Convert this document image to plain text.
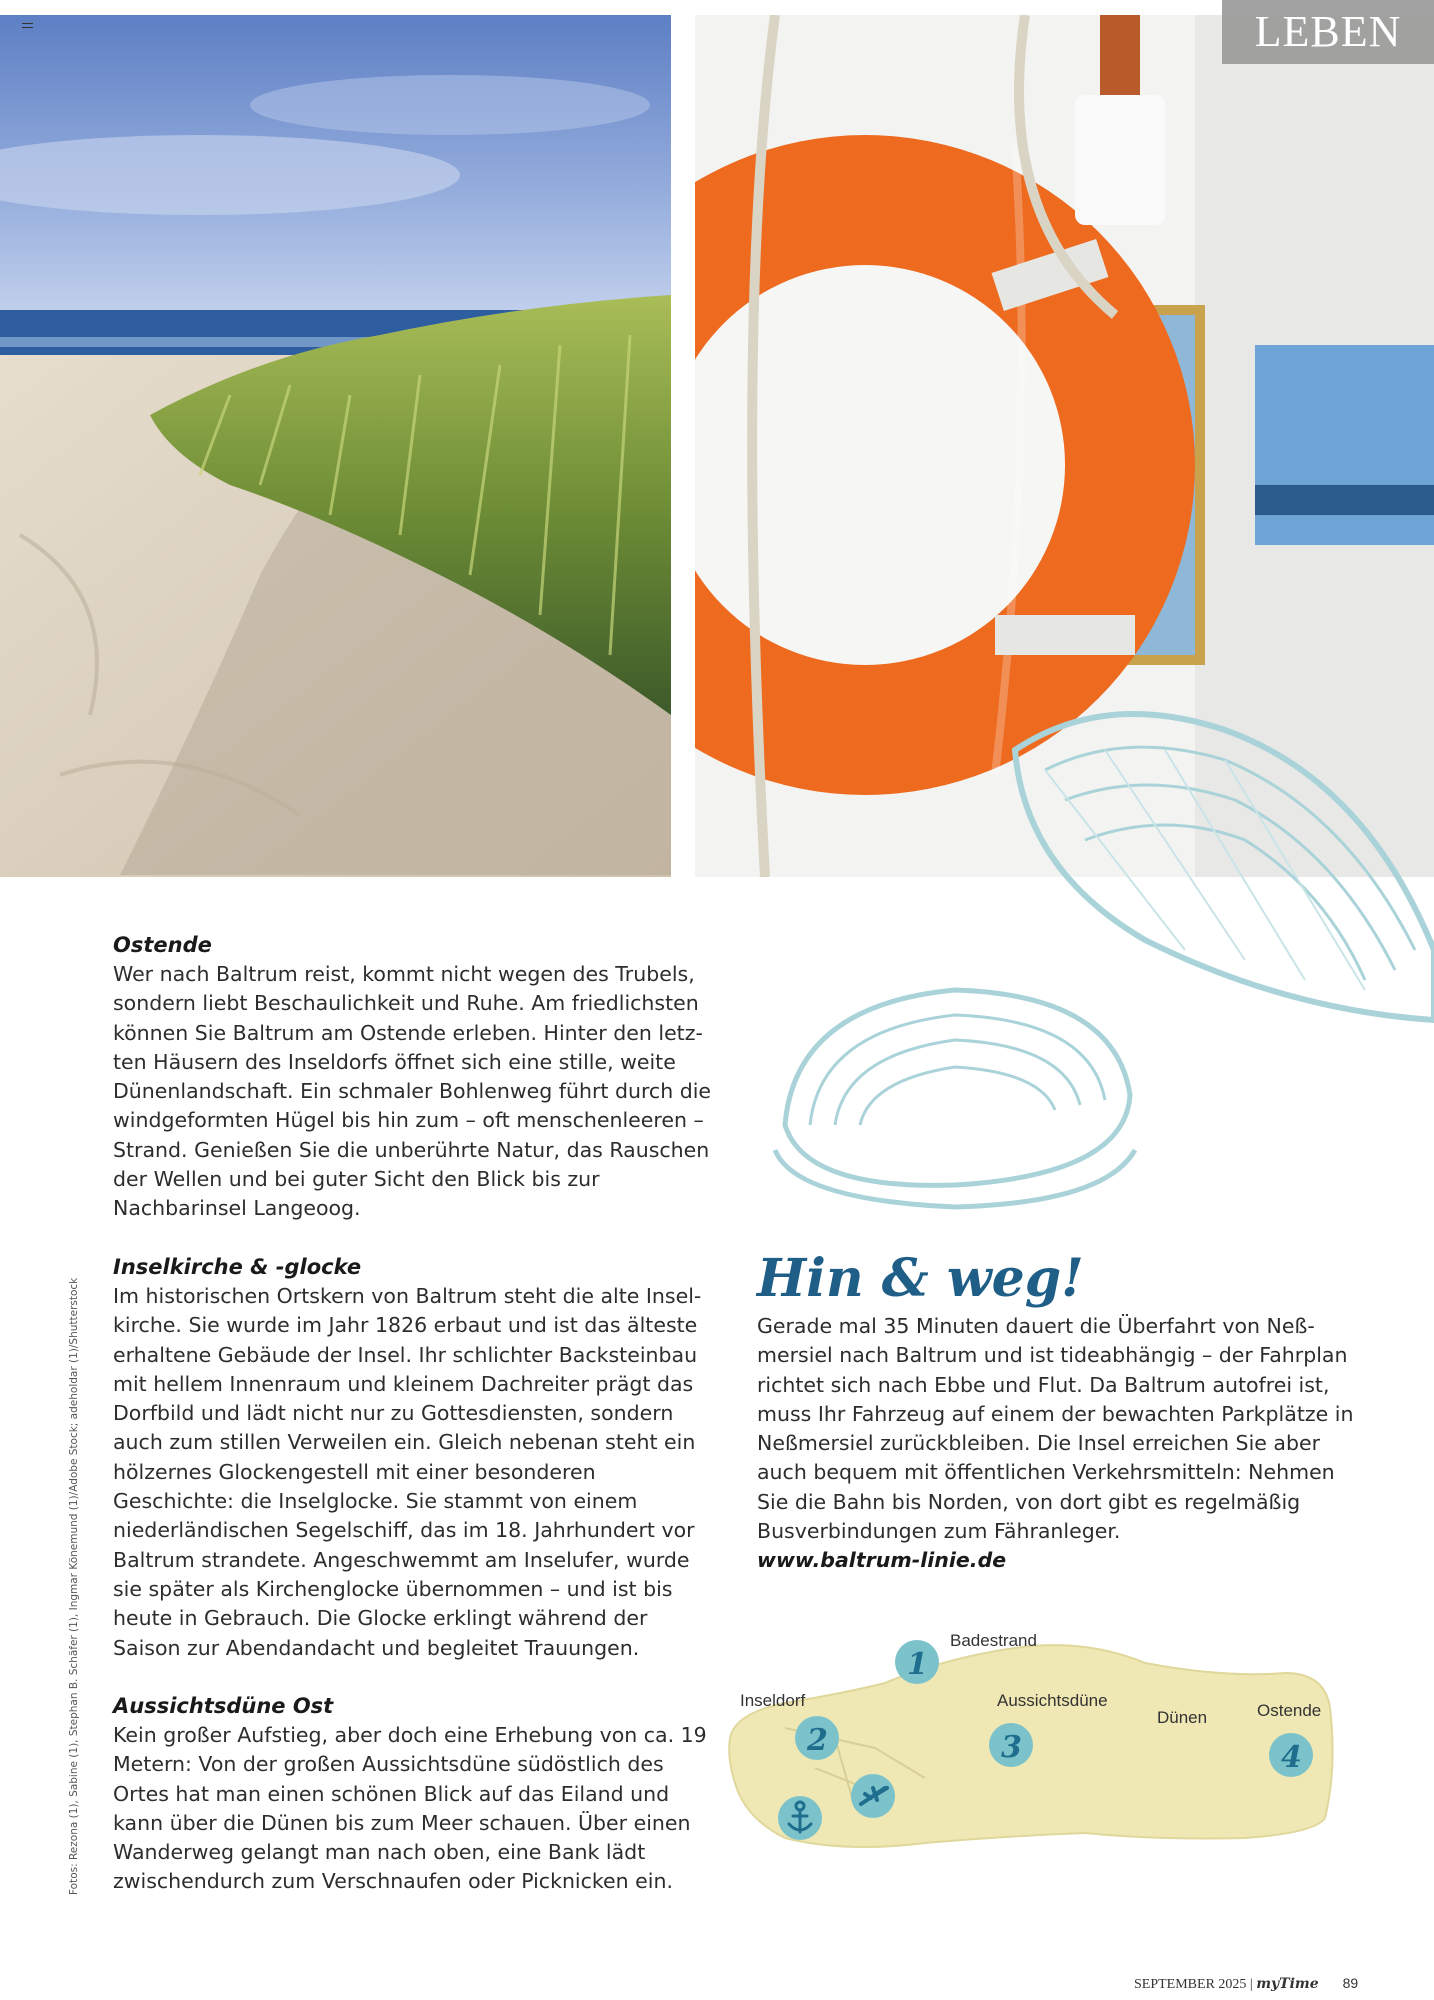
LEBEN
Ostende

Wer nach Baltrum reist, kommt nicht wegen des Trubels, sondern liebt Beschaulichkeit und Ruhe. Am friedlichsten können Sie Baltrum am Ostende erleben. Hinter den letzten Häusern des Inseldorfs öffnet sich eine stille, weite Dünenlandschaft. Ein schmaler Bohlenweg führt durch die windgeformten Hügel bis hin zum – oft menschenleeren – Strand. Genießen Sie die unberührte Natur, das Rauschen der Wellen und bei guter Sicht den Blick bis zur Nachbarinsel Langeoog.

Inselkirche & -glocke

Im historischen Ortskern von Baltrum steht die alte Inselkirche. Sie wurde im Jahr 1826 erbaut und ist das älteste erhaltene Gebäude der Insel. Ihr schlichter Backsteinbau mit hellem Innenraum und kleinem Dachreiter prägt das Dorfbild und lädt nicht nur zu Gottesdiensten, sondern auch zum stillen Verweilen ein. Gleich nebenan steht ein hölzernes Glockengestell mit einer besonderen Geschichte: die Inselglocke. Sie stammt von einem niederländischen Segelschiff, das im 18. Jahrhundert vor Baltrum strandete. Angeschwemmt am Inselufer, wurde sie später als Kirchenglocke übernommen – und ist bis heute in Gebrauch. Die Glocke erklingt während der Saison zur Abendandacht und begleitet Trauungen.

Aussichtsdüne Ost

Kein großer Aufstieg, aber doch eine Erhebung von ca. 19 Metern: Von der großen Aussichtsdüne südöstlich des Ortes hat man einen schönen Blick auf das Eiland und kann über die Dünen bis zum Meer schauen. Über einen Wanderweg gelangt man nach oben, eine Bank lädt zwischendurch zum Verschnaufen oder Picknicken ein.

Fotos: Rezona (1), Sabine (1), Stephan B. Schäfer (1), Ingmar Könemund (1)/Adobe Stock; adeholdar (1)/Shutterstock	Hin & weg!

Gerade mal 35 Minuten dauert die Überfahrt von Neßmersiel nach Baltrum und ist tideabhängig – der Fahrplan richtet sich nach Ebbe und Flut. Da Baltrum autofrei ist, muss Ihr Fahrzeug auf einem der bewachten Parkplätze in Neßmersiel zurückbleiben. Die Insel erreichen Sie aber auch bequem mit öffentlichen Verkehrsmitteln: Nehmen Sie die Bahn bis Norden, von dort gibt es regelmäßig Busverbindungen zum Fähranleger.

www.baltrum-linie.de

Badestrand
Inseldorf	Aussichtsdüne
Dünen	Ostende
1
2	3	4
SEPTEMBER 2025 | myTime 89
